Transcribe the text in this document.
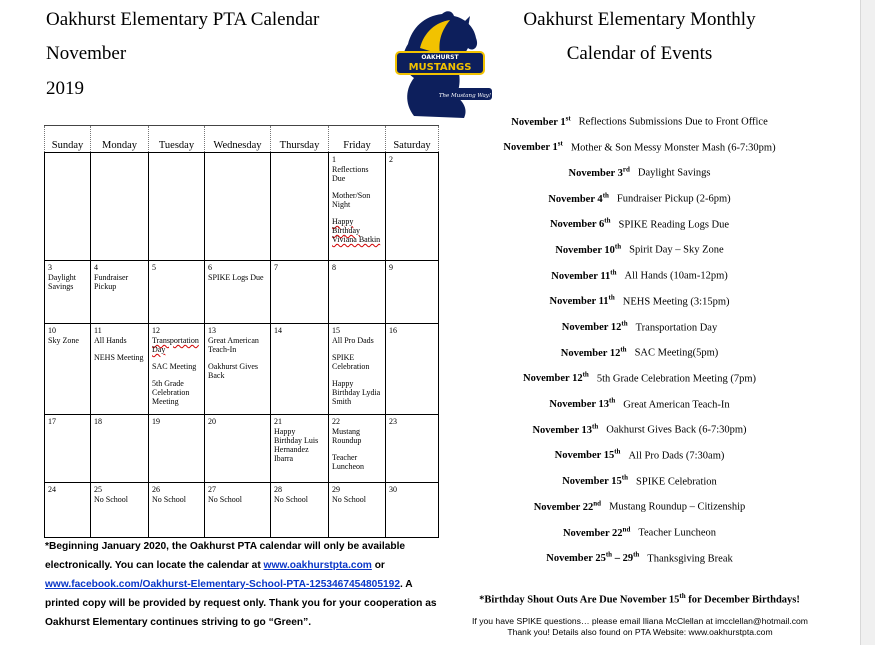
Oakhurst Elementary PTA Calendar
November
2019
OAKHURST
MUSTANGS
The Mustang Way!
Oakhurst Elementary Monthly
Calendar of Events
Sunday	Monday	Tuesday	Wednesday	Thursday	Friday	Saturday

					1
Reflections Due
Mother/Son Night
Happy Birthday Viviana Batkin	2

3
Daylight Savings	4
Fundraiser Pickup	5	6
SPIKE Logs Due	7	8	9

10
Sky Zone	11
All Hands
NEHS Meeting	12
Transportation Day
SAC Meeting
5th Grade Celebration Meeting	13
Great American Teach-In
Oakhurst Gives Back	14	15
All Pro Dads
SPIKE Celebration
Happy Birthday Lydia Smith	16

17	18	19	20	21
Happy Birthday Luis Hernandez Ibarra	22
Mustang Roundup
Teacher Luncheon	23

24	25
No School	26
No School	27
No School	28
No School	29
No School	30
*Beginning January 2020, the Oakhurst PTA calendar will only be available electronically. You can locate the calendar at www.oakhurstpta.com or www.facebook.com/Oakhurst-Elementary-School-PTA-1253467454805192. A printed copy will be provided by request only. Thank you for your cooperation as Oakhurst Elementary continues striving to go “Green”.
November 1st Reflections Submissions Due to Front Office
November 1st Mother & Son Messy Monster Mash (6-7:30pm)
November 3rd Daylight Savings
November 4th Fundraiser Pickup (2-6pm)
November 6th SPIKE Reading Logs Due
November 10th Spirit Day – Sky Zone
November 11th All Hands (10am-12pm)
November 11th NEHS Meeting (3:15pm)
November 12th Transportation Day
November 12th SAC Meeting(5pm)
November 12th 5th Grade Celebration Meeting (7pm)
November 13th Great American Teach-In
November 13th Oakhurst Gives Back (6-7:30pm)
November 15th All Pro Dads (7:30am)
November 15th SPIKE Celebration
November 22nd Mustang Roundup – Citizenship
November 22nd Teacher Luncheon
November 25th – 29th Thanksgiving Break
*Birthday Shout Outs Are Due November 15th for December Birthdays!
If you have SPIKE questions… please email Iliana McClellan at imcclellan@hotmail.com
Thank you! Details also found on PTA Website: www.oakhurstpta.com
